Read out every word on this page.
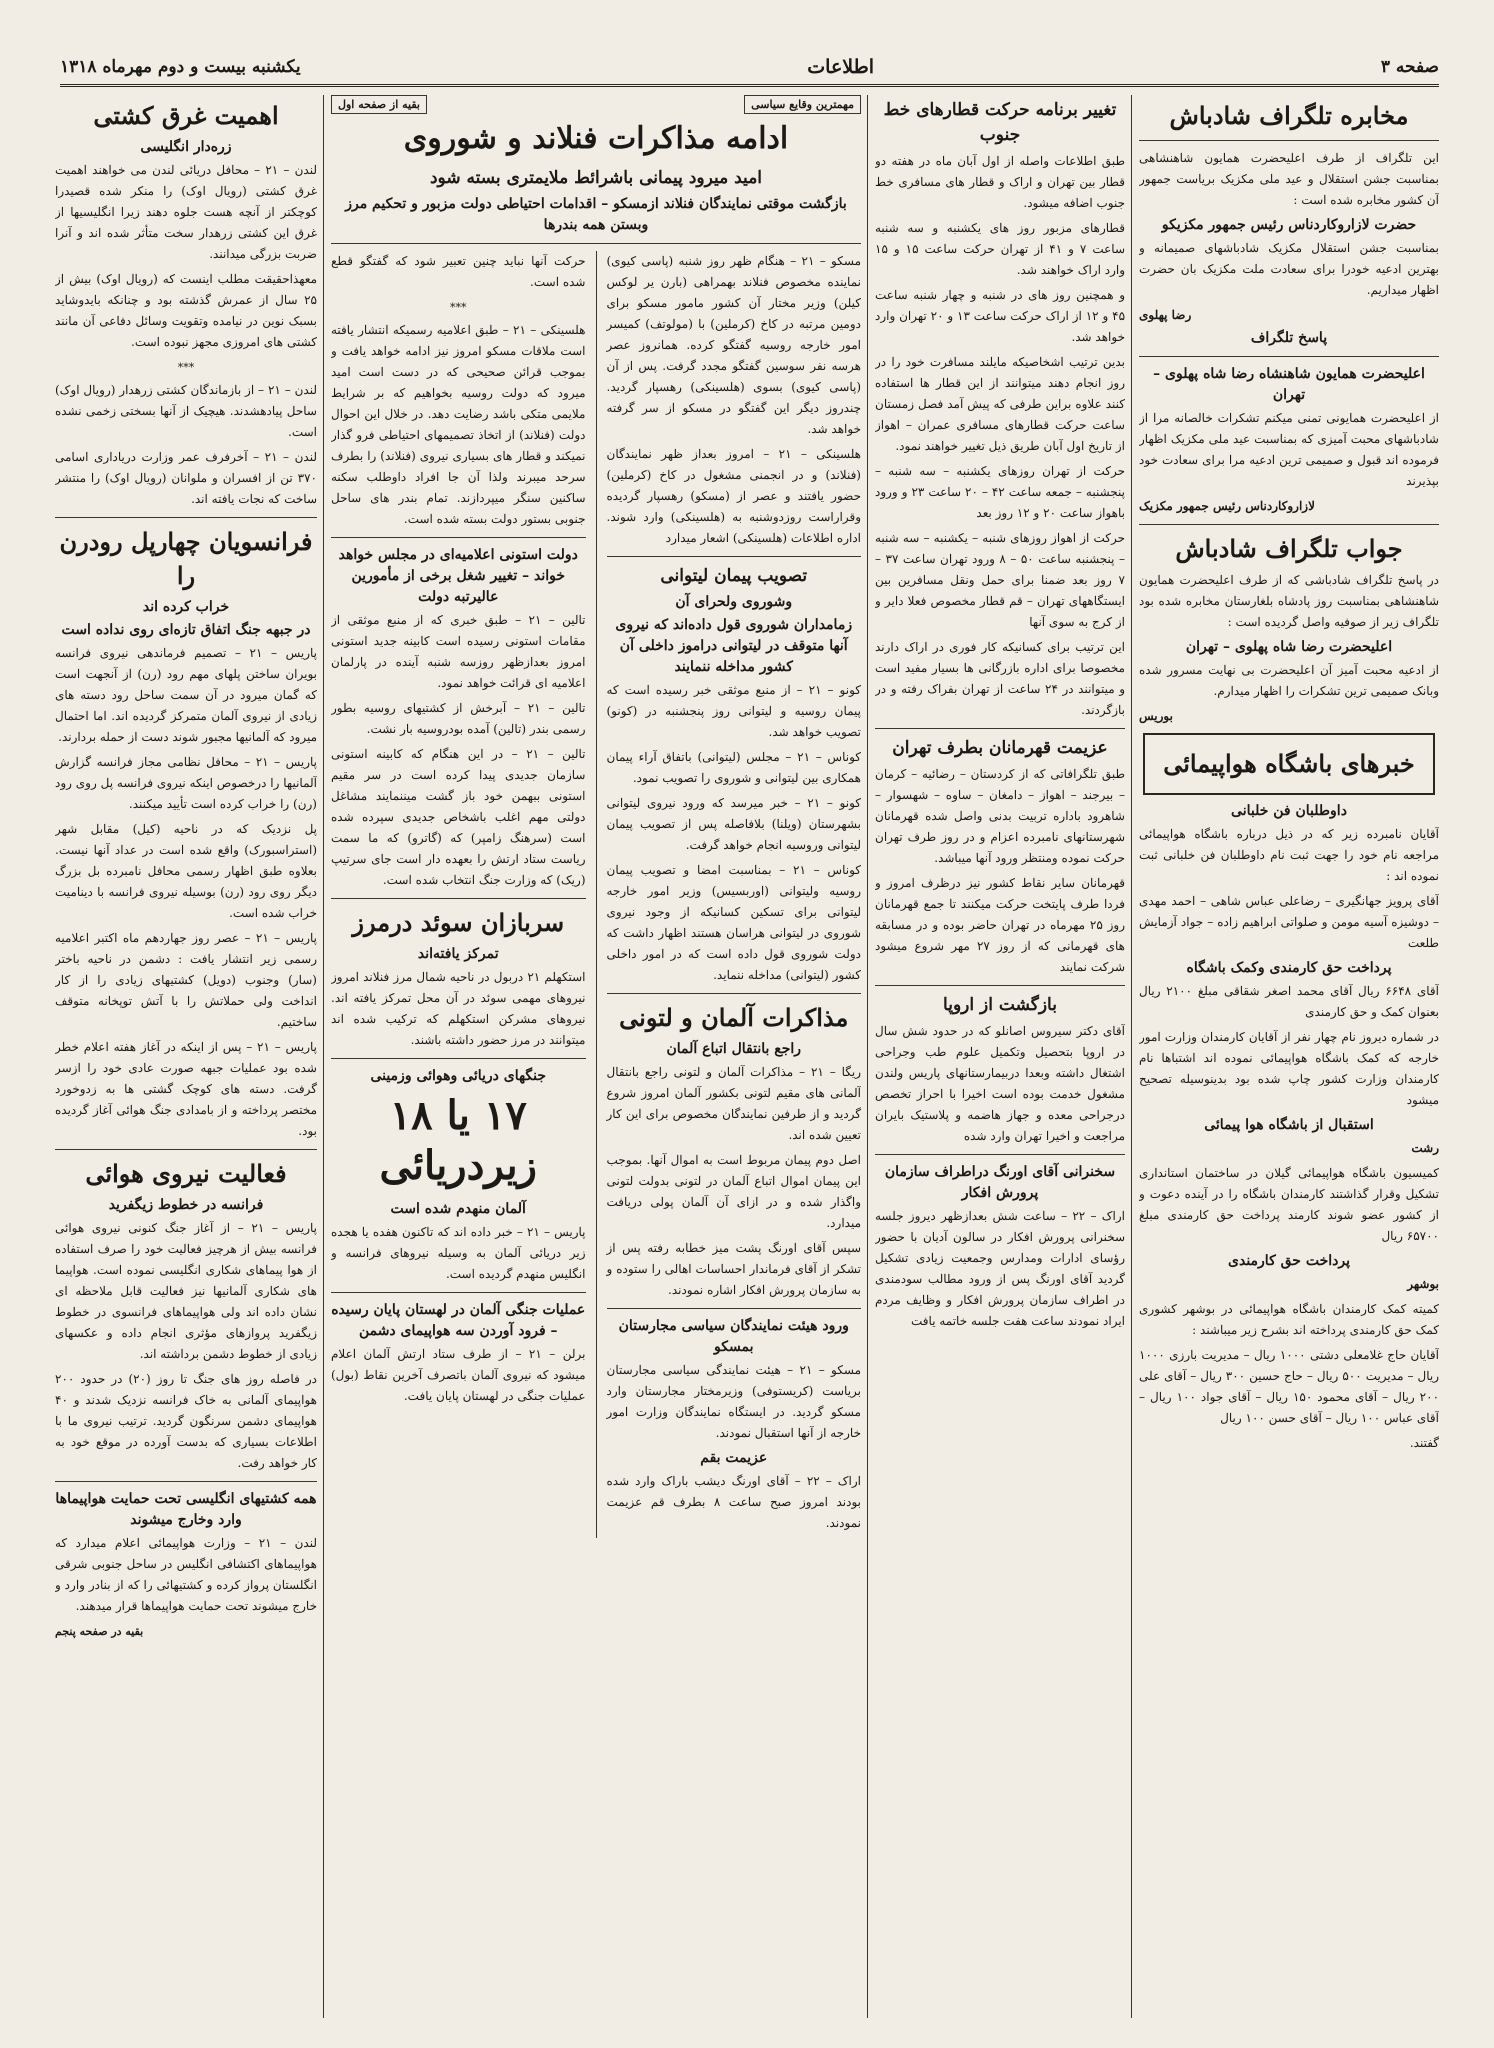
صفحه ۳
اطلاعات
یکشنبه بیست و دوم مهرماه ۱۳۱۸
مخابره تلگراف شادباش

این تلگراف از طرف اعلیحضرت همایون شاهنشاهی بمناسبت جشن استقلال و عید ملی مکزیک بریاست جمهور آن کشور مخابره شده است :

حضرت لازاروکاردناس رئیس جمهور مکزیکو

بمناسبت جشن استقلال مکزیک شادباشهای صمیمانه و بهترین ادعیه خودرا برای سعادت ملت مکزیک بان حضرت اظهار میداریم.

رضا پهلوی
پاسخ تلگراف
اعلیحضرت همایون شاهنشاه رضا شاه پهلوی – تهران

از اعلیحضرت همایونی تمنی میکنم تشکرات خالصانه مرا از شادباشهای محبت آمیزی که بمناسبت عید ملی مکزیک اظهار فرموده اند قبول و صمیمی ترین ادعیه مرا برای سعادت خود بپذیرند

لازاروکاردناس رئیس جمهور مکزیک
جواب تلگراف شادباش

در پاسخ تلگراف شادباشی که از طرف اعلیحضرت همایون شاهنشاهی بمناسبت روز پادشاه بلغارستان مخابره شده بود تلگراف زیر از صوفیه واصل گردیده است :

اعلیحضرت رضا شاه پهلوی – تهران

از ادعیه محبت آمیز آن اعلیحضرت بی نهایت مسرور شده وبانک صمیمی ترین تشکرات را اظهار میدارم.

بوریس
خبرهای باشگاه هواپیمائی
داوطلبان فن خلبانی

آقایان نامبرده زیر که در ذیل درباره باشگاه هواپیمائی مراجعه نام خود را جهت ثبت نام داوطلبان فن خلبانی ثبت نموده اند :

آقای پرویز جهانگیری – رضاعلی عباس شاهی – احمد مهدی – دوشیزه آسیه مومن و صلواتی ابراهیم زاده – جواد آزمایش طلعت

پرداخت حق کارمندی وکمک باشگاه

آقای ۶۶۴۸ ریال آقای محمد اصغر شقاقی مبلغ ۲۱۰۰ ریال بعنوان کمک و حق کارمندی

در شماره دیروز نام چهار نفر از آقایان کارمندان وزارت امور خارجه که کمک باشگاه هواپیمائی نموده اند اشتباها نام کارمندان وزارت کشور چاپ شده بود بدینوسیله تصحیح میشود

استقبال از باشگاه هوا پیمائی

رشت

کمیسیون باشگاه هواپیمائی گیلان در ساختمان استانداری تشکیل وقرار گذاشتند کارمندان باشگاه را در آینده دعوت و از کشور عضو شوند کارمند پرداخت حق کارمندی مبلغ ۶۵۷۰۰ ریال

پرداخت حق کارمندی

بوشهر

کمیته کمک کارمندان باشگاه هواپیمائی در بوشهر کشوری کمک حق کارمندی پرداخته اند بشرح زیر میباشند :

آقایان حاج غلامعلی دشتی ۱۰۰۰ ریال – مدیریت بارزی ۱۰۰۰ ریال – مدیریت ۵۰۰ ریال – حاج حسین ۳۰۰ ریال – آقای علی ۲۰۰ ریال – آقای محمود ۱۵۰ ریال – آقای جواد ۱۰۰ ریال – آقای عباس ۱۰۰ ریال – آقای حسن ۱۰۰ ریال

گفتند.

تغییر برنامه حرکت قطارهای خط جنوب

طبق اطلاعات واصله از اول آبان ماه در هفته دو قطار بین تهران و اراک و قطار های مسافری خط جنوب اضافه میشود.

قطارهای مزبور روز های یکشنبه و سه شنبه ساعت ۷ و ۴۱ از تهران حرکت ساعت ۱۵ و ۱۵ وارد اراک خواهند شد.

و همچنین روز های در شنبه و چهار شنبه ساعت ۴۵ و ۱۲ از اراک حرکت ساعت ۱۳ و ۲۰ تهران وارد خواهد شد.

بدین ترتیب اشخاصیکه مایلند مسافرت خود را در روز انجام دهند میتوانند از این قطار ها استفاده کنند علاوه براین طرفی که پیش آمد فصل زمستان ساعت حرکت قطارهای مسافری عمران – اهواز از تاریخ اول آبان طریق ذیل تغییر خواهند نمود.

حرکت از تهران روزهای یکشنبه – سه شنبه – پنجشنبه – جمعه ساعت ۴۲ – ۲۰ ساعت ۲۳ و ورود باهواز ساعت ۲۰ و ۱۲ روز بعد

حرکت از اهواز روزهای شنبه – یکشنبه – سه شنبه – پنجشنبه ساعت ۵۰ – ۸ ورود تهران ساعت ۳۷ – ۷ روز بعد ضمنا برای حمل ونقل مسافرین بین ایستگاههای تهران – قم قطار مخصوص فعلا دایر و از کرج به سوی آنها

این ترتیب برای کسانیکه کار فوری در اراک دارند مخصوصا برای اداره بازرگانی ها بسیار مفید است و میتوانند در ۲۴ ساعت از تهران بفراک رفته و در بازگردند.

عزیمت قهرمانان بطرف تهران

طبق تلگرافاتی که از کردستان – رضائیه – کرمان – بیرجند – اهواز – دامغان – ساوه – شهسوار – شاهرود باداره تربیت بدنی واصل شده قهرمانان شهرستانهای نامبرده اعزام و در روز طرف تهران حرکت نموده ومنتظر ورود آنها میباشد.

قهرمانان سایر نقاط کشور نیز درظرف امروز و فردا طرف پایتخت حرکت میکنند تا جمع قهرمانان روز ۲۵ مهرماه در تهران حاضر بوده و در مسابقه های قهرمانی که از روز ۲۷ مهر شروع میشود شرکت نمایند

بازگشت از اروپا

آقای دکتر سیروس اصانلو که در حدود شش سال در اروپا بتحصیل وتکمیل علوم طب وجراحی اشتغال داشته وبعدا دربیمارستانهای پاریس ولندن مشغول خدمت بوده است اخیرا با احراز تخصص درجراحی معده و جهاز هاضمه و پلاستیک بایران مراجعت و اخیرا تهران وارد شده

سخنرانی آقای اورنگ دراطراف سازمان پرورش افکار

اراک – ۲۲ – ساعت شش بعدازظهر دیروز جلسه سخنرانی پرورش افکار در سالون آدیان با حضور رؤسای ادارات ومدارس وجمعیت زیادی تشکیل گردید آقای اورنگ پس از ورود مطالب سودمندی در اطراف سازمان پرورش افکار و وظایف مردم ایراد نمودند ساعت هفت جلسه خاتمه یافت

مهمترین وقایع سیاسی
بقیه از صفحه اول
ادامه مذاکرات فنلاند و شوروی
امید میرود پیمانی باشرائط ملایمتری بسته شود
بازگشت موقتی نمایندگان فنلاند ازمسکو – اقدامات احتیاطی دولت مزبور و تحکیم مرز وبستن همه بندرها

مسکو – ۲۱ – هنگام ظهر روز شنبه (پاسی کیوی) نماینده مخصوص فنلاند بهمراهی (بارن یر لوکس کیلن) وزیر مختار آن کشور مامور مسکو برای دومین مرتبه در کاخ (کرملین) با (مولوتف) کمیسر امور خارجه روسیه گفتگو کرده. همانروز عصر هرسه نفر سوسین گفتگو مجدد گرفت. پس از آن (پاسی کیوی) بسوی (هلسینکی) رهسپار گردید. چندروز دیگر این گفتگو در مسکو از سر گرفته خواهد شد.

هلسینکی – ۲۱ – امروز بعداز ظهر نمایندگان (فنلاند) و در انجمنی مشغول در کاخ (کرملین) حضور یافتند و عصر از (مسکو) رهسپار گردیده وقراراست روزدوشنبه به (هلسینکی) وارد شوند. اداره اطلاعات (هلسینکی) اشعار میدارد

تصویب پیمان لیتوانی
وشوروی ولحرای آن
زمامداران شوروی قول داده‌اند که نیروی آنها متوقف در لیتوانی دراموز داخلی آن کشور مداخله ننمایند

کونو – ۲۱ – از منبع موثقی خبر رسیده است که پیمان روسیه و لیتوانی روز پنجشنبه در (کونو) تصویب خواهد شد.

کوناس – ۲۱ – مجلس (لیتوانی) باتفاق آراء پیمان همکاری بین لیتوانی و شوروی را تصویب نمود.

کونو – ۲۱ – خبر میرسد که ورود نیروی لیتوانی بشهرستان (ویلنا) بلافاصله پس از تصویب پیمان لیتوانی وروسیه انجام خواهد گرفت.

کوناس – ۲۱ – بمناسبت امضا و تصویب پیمان روسیه ولیتوانی (اوربسیس) وزیر امور خارجه لیتوانی برای تسکین کسانیکه از وجود نیروی شوروی در لیتوانی هراسان هستند اظهار داشت که دولت شوروی قول داده است که در امور داخلی کشور (لیتوانی) مداخله ننماید.

مذاکرات آلمان و لتونی
راجع بانتقال اتباع آلمان

ریگا – ۲۱ – مذاکرات آلمان و لتونی راجع بانتقال آلمانی های مقیم لتونی بکشور آلمان امروز شروع گردید و از طرفین نمایندگان مخصوص برای این کار تعیین شده اند.

اصل دوم پیمان مربوط است به اموال آنها. بموجب این پیمان اموال اتباع آلمان در لتونی بدولت لتونی واگذار شده و در ازای آن آلمان پولی دریافت میدارد.

سپس آقای اورنگ پشت میز خطابه رفته پس از تشکر از آقای فرماندار احساسات اهالی را ستوده و به سازمان پرورش افکار اشاره نمودند.

ورود هیئت نمایندگان سیاسی مجارستان بمسکو

مسکو – ۲۱ – هیئت نمایندگی سیاسی مجارستان بریاست (کریستوفی) وزیرمختار مجارستان وارد مسکو گردید. در ایستگاه نمایندگان وزارت امور خارجه از آنها استقبال نمودند.

عزیمت بقم

اراک – ۲۲ – آقای اورنگ دیشب باراک وارد شده بودند امروز صبح ساعت ۸ بطرف قم عزیمت نمودند.

حرکت آنها نباید چنین تعبیر شود که گفتگو قطع شده است.

***

هلسینکی – ۲۱ – طبق اعلامیه رسمیکه انتشار یافته است ملاقات مسکو امروز نیز ادامه خواهد یافت و بموجب قرائن صحیحی که در دست است امید میرود که دولت روسیه بخواهیم که بر شرایط ملایمی متکی باشد رضایت دهد. در خلال این احوال دولت (فنلاند) از اتخاذ تصمیمهای احتیاطی فرو گذار نمیکند و قطار های بسیاری نیروی (فنلاند) را بطرف سرحد میبرند ولذا آن جا افراد داوطلب سکنه ساکنین سنگر میپردازند. تمام بندر های ساحل جنوبی بستور دولت بسته شده است.

دولت استونی اعلامیه‌ای در مجلس خواهد خواند – تغییر شغل برخی از مأمورین عالیرتبه دولت

تالین – ۲۱ – طبق خبری که از منبع موثقی از مقامات استونی رسیده است کابینه جدید استونی امروز بعدازظهر روزسه شنبه آینده در پارلمان اعلامیه ای قرائت خواهد نمود.

تالین – ۲۱ – آبرخش از کشتیهای روسیه بطور رسمی بندر (تالین) آمده بودروسیه بار نشت.

تالین – ۲۱ – در این هنگام که کابینه استونی سازمان جدیدی پیدا کرده است در سر مقیم استونی ببهمن خود باز گشت میننمایند مشاغل دولتی مهم اغلب باشخاص جدیدی سپرده شده است (سرهنگ زامپر) که (گاترو) که ما سمت ریاست ستاد ارتش را بعهده دار است جای سرتیپ (ریک) که وزارت جنگ انتخاب شده است.

سربازان سوئد درمرز
تمرکز یافته‌اند

استکهلم ۲۱ دربول در ناحیه شمال مرز فنلاند امروز نیروهای مهمی سوئد در آن محل تمرکز یافته اند. نیروهای مشرکن استکهلم که ترکیب شده اند میتوانند در مرز حضور داشته باشند.

جنگهای دریائی وهوائی وزمینی
۱۷ یا ۱۸ زیردریائی
آلمان منهدم شده است

پاریس – ۲۱ – خبر داده اند که تاکنون هفده یا هجده زیر دریائی آلمان به وسیله نیروهای فرانسه و انگلیس منهدم گردیده است.

عملیات جنگی آلمان در لهستان پایان رسیده – فرود آوردن سه هواپیمای دشمن

برلن – ۲۱ – از طرف ستاد ارتش آلمان اعلام میشود که نیروی آلمان باتصرف آخرین نقاط (بول) عملیات جنگی در لهستان پایان یافت.

اهمیت غرق کشتی
زره‌دار انگلیسی

لندن – ۲۱ – محافل دریائی لندن می خواهند اهمیت غرق کشتی (رویال اوک) را منکر شده قصیدرا کوچکتر از آنچه هست جلوه دهند زیرا انگلیسیها از غرق این کشتی زرهدار سخت متأثر شده اند و آنرا ضربت بزرگی میدانند.

معهذاحقیقت مطلب اینست که (رویال اوک) بیش از ۲۵ سال از عمرش گذشته بود و چنانکه بایدوشاید بسبک نوین در نیامده وتقویت وسائل دفاعی آن مانند کشتی های امروزی مجهز نبوده است.

***

لندن – ۲۱ – از بازماندگان کشتی زرهدار (رویال اوک) ساحل پیادهشدند. هیچیک از آنها بسختی زخمی نشده است.

لندن – ۲۱ – آخرفرف عمر وزارت دریاداری اسامی ۳۷۰ تن از افسران و ملوانان (رویال اوک) را منتشر ساخت که نجات یافته اند.

فرانسویان چهارپل رودرن را
خراب کرده اند
در جبهه جنگ اتفاق تازه‌ای روی نداده است

پاریس – ۲۱ – تصمیم فرماندهی نیروی فرانسه بویران ساختن پلهای مهم رود (رن) از آنجهت است که گمان میرود در آن سمت ساحل رود دسته های زیادی از نیروی آلمان متمرکز گردیده اند. اما احتمال میرود که آلمانیها مجبور شوند دست از حمله بردارند.

پاریس – ۲۱ – محافل نظامی مجاز فرانسه گزارش آلمانیها را درخصوص اینکه نیروی فرانسه پل روی رود (رن) را خراب کرده است تأیید میکنند.

پل نزدیک که در ناحیه (کیل) مقابل شهر (استراسبورک) واقع شده است در عداد آنها نیست. بعلاوه طبق اظهار رسمی محافل نامبرده بل بزرگ دیگر روی رود (رن) بوسیله نیروی فرانسه با دینامیت خراب شده است.

پاریس – ۲۱ – عصر روز جهاردهم ماه اکتبر اعلامیه رسمی زیر انتشار یافت : دشمن در ناحیه باختر (سار) وجنوب (دویل) کشتیهای زیادی را از کار انداخت ولی حملاتش را با آتش توپخانه متوقف ساختیم.

پاریس – ۲۱ – پس از اینکه در آغاز هفته اعلام خطر شده بود عملیات جبهه صورت عادی خود را ازسر گرفت. دسته های کوچک گشتی ها به زدوخورد مختصر پرداخته و از بامدادی جنگ هوائی آغاز گردیده بود.

فعالیت نیروی هوائی
فرانسه در خطوط زیگفرید

پاریس – ۲۱ – از آغاز جنگ کنونی نیروی هوائی فرانسه بیش از هرچیز فعالیت خود را صرف استفاده از هوا پیماهای شکاری انگلیسی نموده است. هواپیما های شکاری آلمانیها نیز فعالیت قابل ملاحظه ای نشان داده اند ولی هواپیماهای فرانسوی در خطوط زیگفرید پروازهای مؤثری انجام داده و عکسهای زیادی از خطوط دشمن برداشته اند.

در فاصله روز های جنگ تا روز (۲۰) در حدود ۲۰۰ هواپیمای آلمانی به خاک فرانسه نزدیک شدند و ۴۰ هواپیمای دشمن سرنگون گردید. ترتیب نیروی ما با اطلاعات بسیاری که بدست آورده در موقع خود به کار خواهد رفت.

همه کشتیهای انگلیسی تحت حمایت هواپیماها وارد وخارج میشوند

لندن – ۲۱ – وزارت هواپیمائی اعلام میدارد که هواپیماهای اکتشافی انگلیس در ساحل جنوبی شرقی انگلستان پرواز کرده و کشتیهائی را که از بنادر وارد و خارج میشوند تحت حمایت هواپیماها قرار میدهند.

بقیه در صفحه پنجم
